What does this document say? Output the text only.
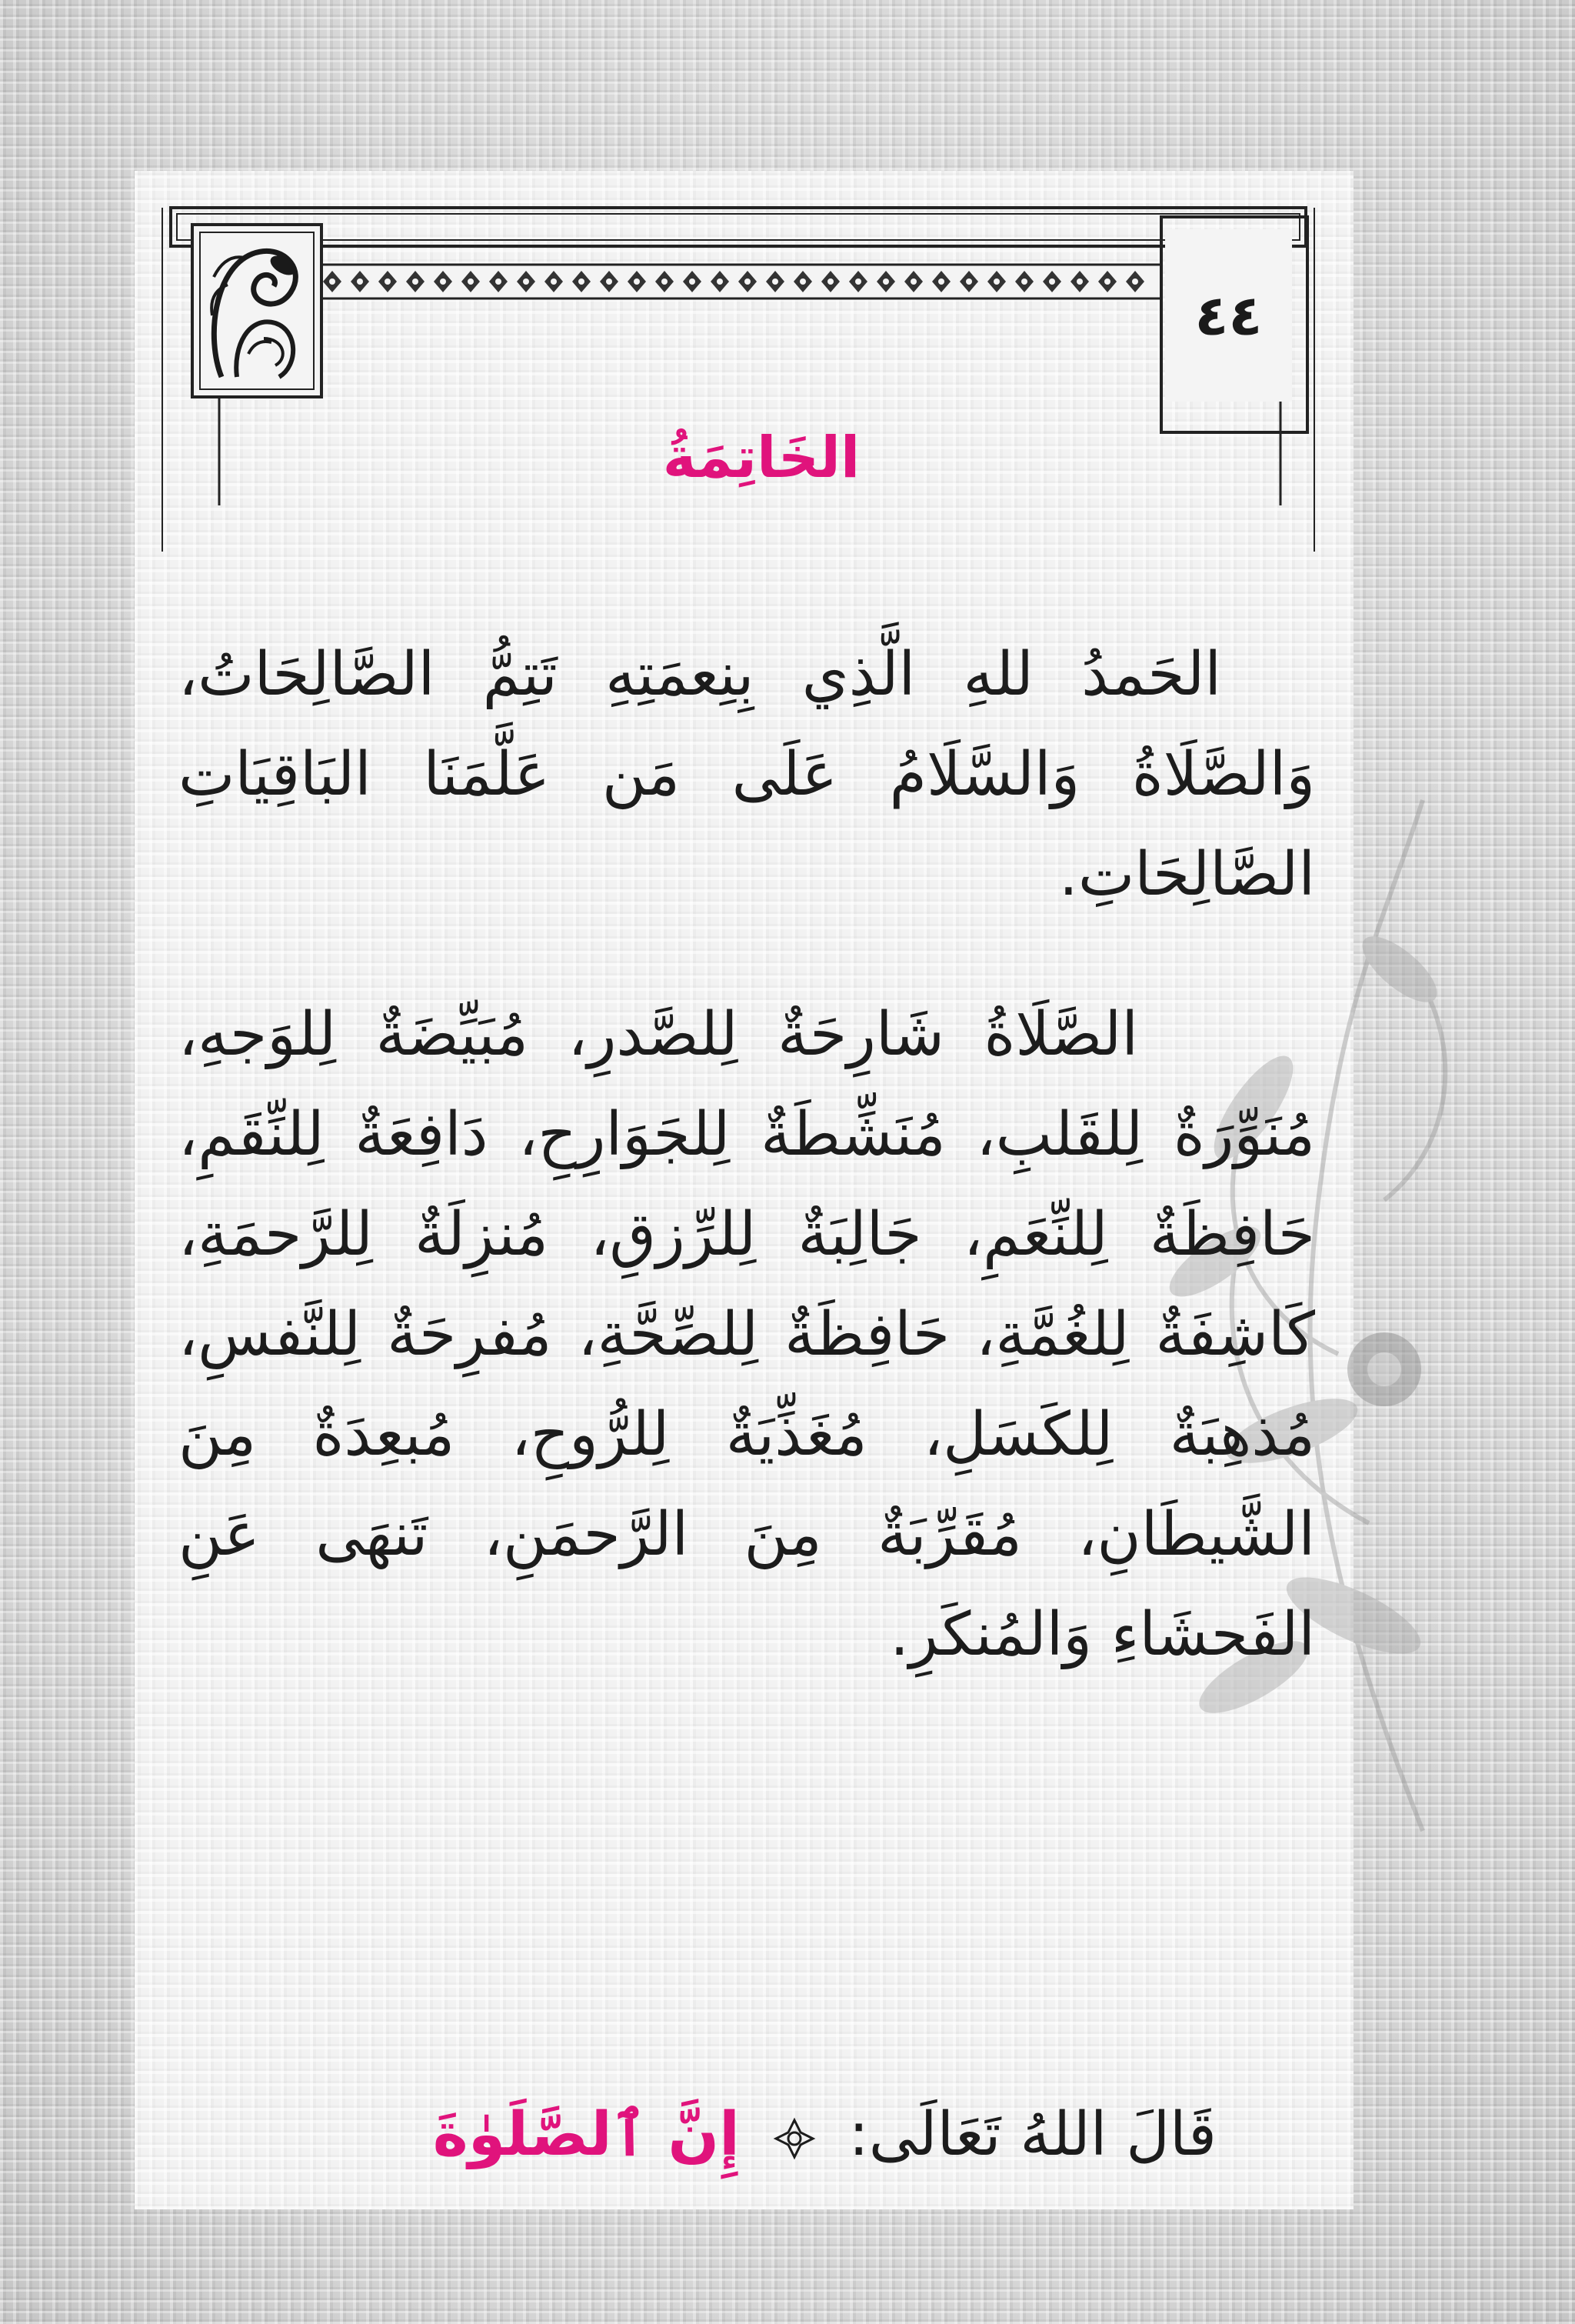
٤٤
الخَاتِمَةُ

الحَمدُ للهِ الَّذِي بِنِعمَتِهِ تَتِمُّ الصَّالِحَاتُ، وَالصَّلَاةُ وَالسَّلَامُ عَلَى مَن عَلَّمَنَا البَاقِيَاتِ الصَّالِحَاتِ.

الصَّلَاةُ شَارِحَةٌ لِلصَّدرِ، مُبَيِّضَةٌ لِلوَجهِ، مُنَوِّرَةٌ لِلقَلبِ، مُنَشِّطَةٌ لِلجَوَارِحِ، دَافِعَةٌ لِلنِّقَمِ، حَافِظَةٌ لِلنِّعَمِ، جَالِبَةٌ لِلرِّزقِ، مُنزِلَةٌ لِلرَّحمَةِ، كَاشِفَةٌ لِلغُمَّةِ، حَافِظَةٌ لِلصِّحَّةِ، مُفرِحَةٌ لِلنَّفسِ، مُذهِبَةٌ لِلكَسَلِ، مُغَذِّيَةٌ لِلرُّوحِ، مُبعِدَةٌ مِنَ الشَّيطَانِ، مُقَرِّبَةٌ مِنَ الرَّحمَنِ، تَنهَى عَنِ الفَحشَاءِ وَالمُنكَرِ.

قَالَ اللهُ تَعَالَى:  إِنَّ ٱلصَّلَوٰةَ
